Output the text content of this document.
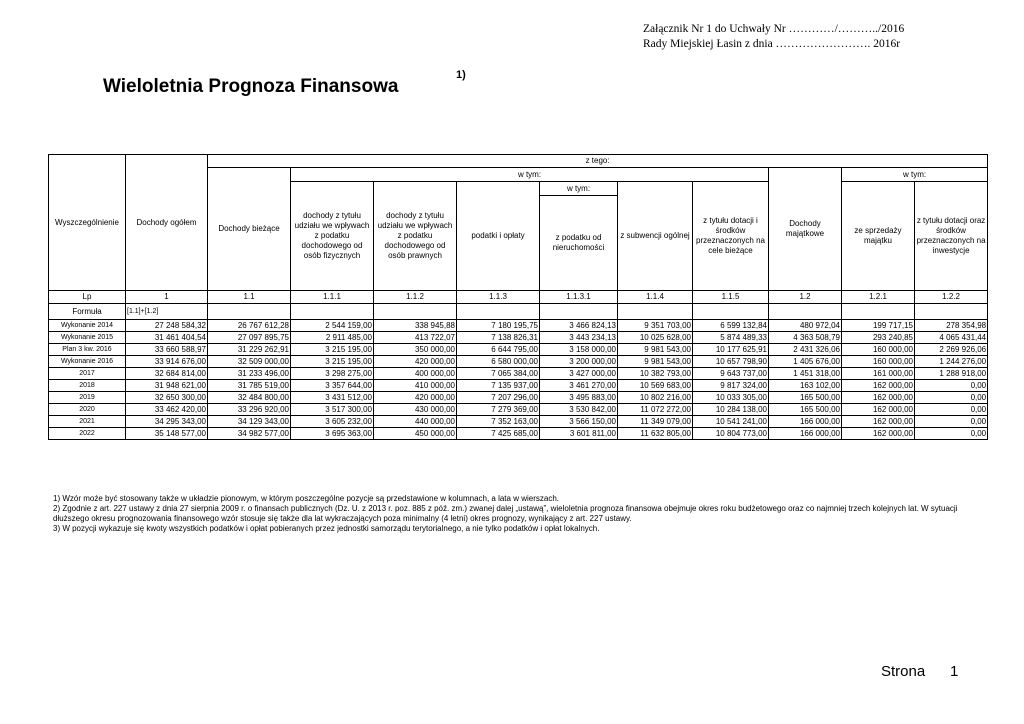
Załącznik Nr 1 do Uchwały Nr …………/………../2016
Rady Miejskiej Łasin z dnia ……………………. 2016r
Wieloletnia Prognoza Finansowa
1)
Wyszczególnienie	Dochody ogółem	z tego:									
		Dochody bieżące	w tym:						Dochody majątkowe	w tym:	
			dochody z tytułu udziału we wpływach z podatku dochodowego od osób fizycznych	dochody z tytułu udziału we wpływach z podatku dochodowego od osób prawnych	podatki i opłaty	w tym:	z subwencji ogólnej	z tytułu dotacji i środków przeznaczonych na cele bieżące		ze sprzedaży majątku	z tytułu dotacji oraz środków przeznaczonych na inwestycje
						z podatku od nieruchomości					

Lp	1	1.1	1.1.1	1.1.2	1.1.3	1.1.3.1	1.1.4	1.1.5	1.2	1.2.1	1.2.2
Formuła	[1.1]+[1.2]										
Wykonanie 2014	27 248 584,32	26 767 612,28	2 544 159,00	338 945,88	7 180 195,75	3 466 824,13	9 351 703,00	6 599 132,84	480 972,04	199 717,15	278 354,98
Wykonanie 2015	31 461 404,54	27 097 895,75	2 911 485,00	413 722,07	7 138 826,31	3 443 234,13	10 025 628,00	5 874 489,33	4 363 508,79	293 240,85	4 065 431,44
Plan 3 kw. 2016	33 660 588,97	31 229 262,91	3 215 195,00	350 000,00	6 644 795,00	3 158 000,00	9 981 543,00	10 177 625,91	2 431 326,06	160 000,00	2 269 926,06
Wykonanie 2016	33 914 676,00	32 509 000,00	3 215 195,00	420 000,00	6 580 000,00	3 200 000,00	9 981 543,00	10 657 798,90	1 405 676,00	160 000,00	1 244 276,00
2017	32 684 814,00	31 233 496,00	3 298 275,00	400 000,00	7 065 384,00	3 427 000,00	10 382 793,00	9 643 737,00	1 451 318,00	161 000,00	1 288 918,00
2018	31 948 621,00	31 785 519,00	3 357 644,00	410 000,00	7 135 937,00	3 461 270,00	10 569 683,00	9 817 324,00	163 102,00	162 000,00	0,00
2019	32 650 300,00	32 484 800,00	3 431 512,00	420 000,00	7 207 296,00	3 495 883,00	10 802 216,00	10 033 305,00	165 500,00	162 000,00	0,00
2020	33 462 420,00	33 296 920,00	3 517 300,00	430 000,00	7 279 369,00	3 530 842,00	11 072 272,00	10 284 138,00	165 500,00	162 000,00	0,00
2021	34 295 343,00	34 129 343,00	3 605 232,00	440 000,00	7 352 163,00	3 566 150,00	11 349 079,00	10 541 241,00	166 000,00	162 000,00	0,00
2022	35 148 577,00	34 982 577,00	3 695 363,00	450 000,00	7 425 685,00	3 601 811,00	11 632 805,00	10 804 773,00	166 000,00	162 000,00	0,00
1) Wzór może być stosowany także w układzie pionowym, w którym poszczególne pozycje są przedstawione w kolumnach, a lata w wierszach.
2) Zgodnie z art. 227 ustawy z dnia 27 sierpnia 2009 r. o finansach publicznych (Dz. U. z 2013 r. poz. 885 z póź. zm.) zwanej dalej „ustawą”, wieloletnia prognoza finansowa obejmuje okres roku budżetowego oraz co najmniej trzech kolejnych lat. W sytuacji dłuższego okresu prognozowania finansowego wzór stosuje się także dla lat wykraczających poza minimalny (4 letni) okres prognozy, wynikający z art. 227 ustawy.
3) W pozycji wykazuje się kwoty wszystkich podatków i opłat pobieranych przez jednostki samorządu terytorialnego, a nie tylko podatków i opłat lokalnych.
Strona 1
